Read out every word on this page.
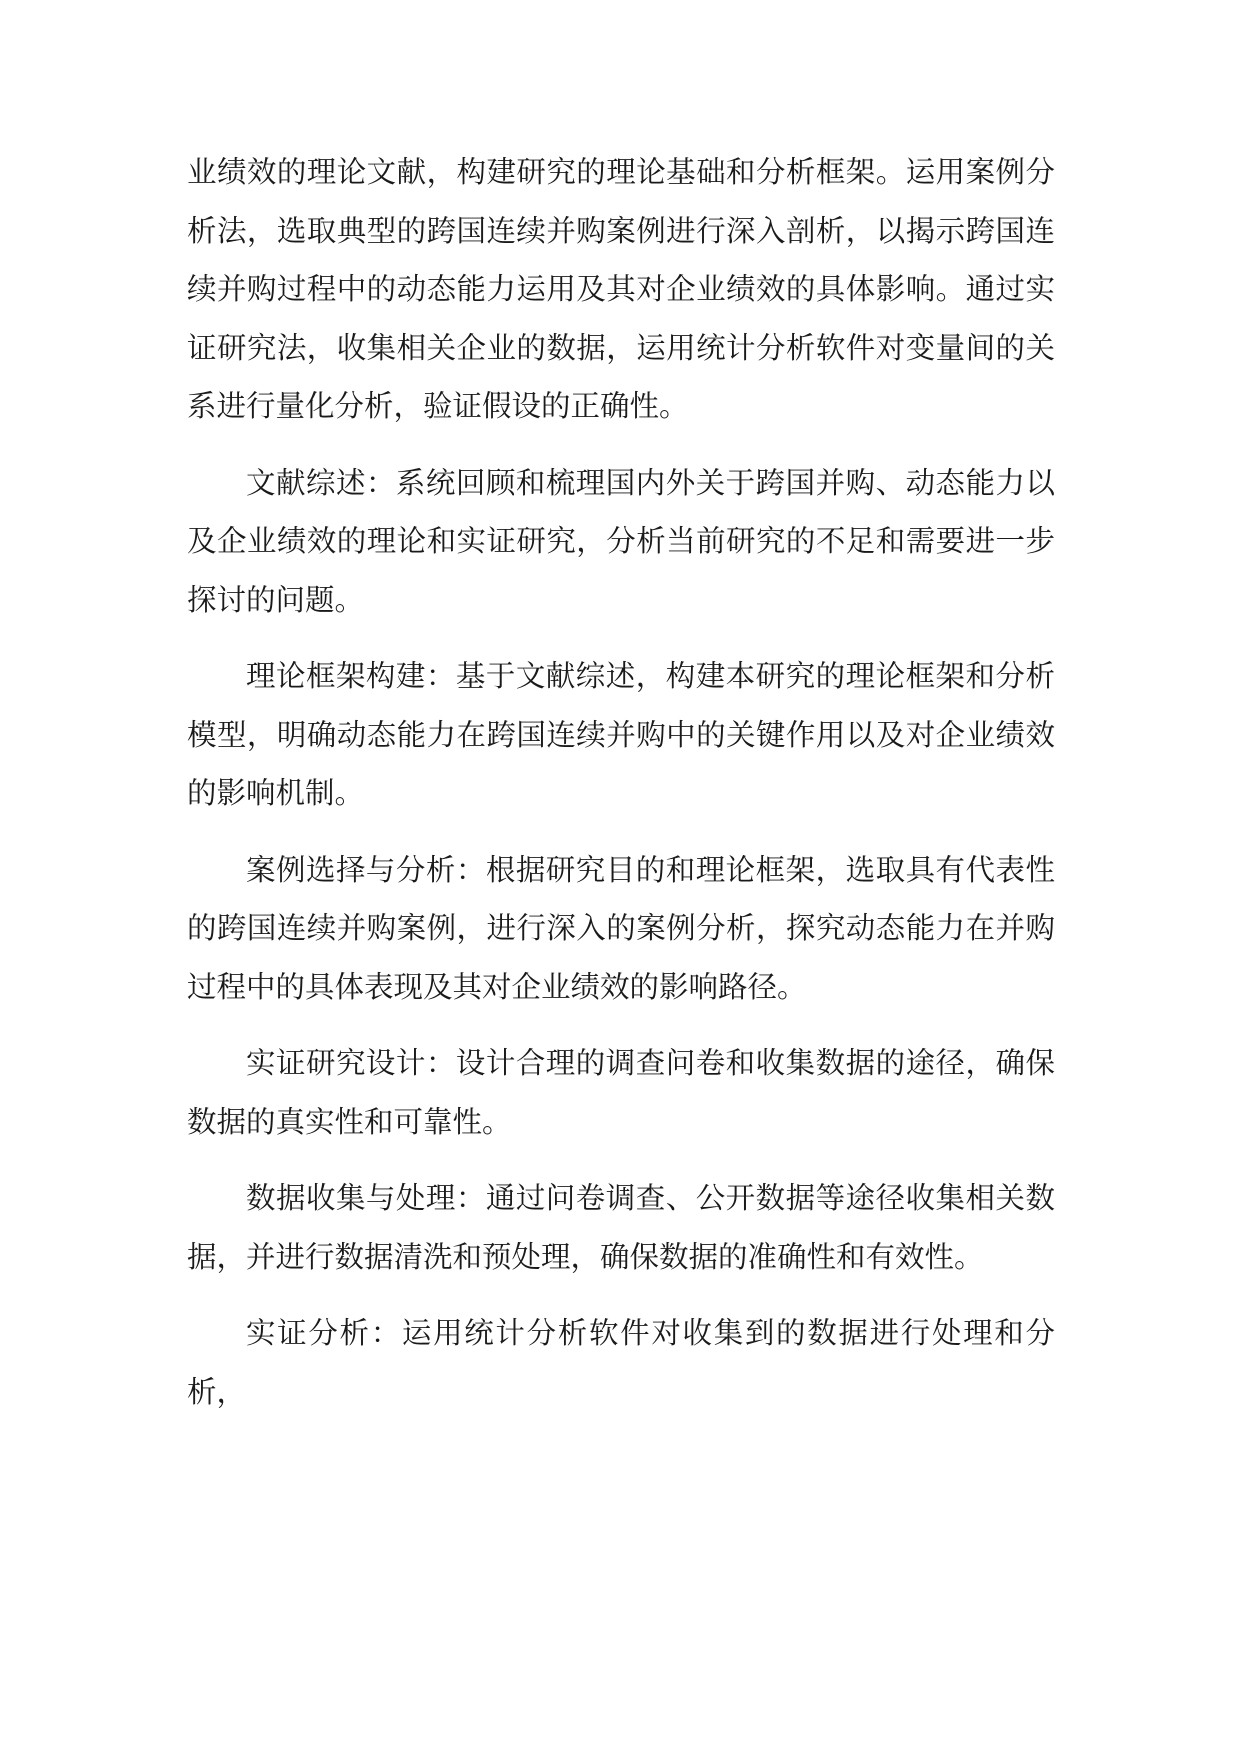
业绩效的理论文献，构建研究的理论基础和分析框架。运用案例分析法，选取典型的跨国连续并购案例进行深入剖析，以揭示跨国连续并购过程中的动态能力运用及其对企业绩效的具体影响。通过实证研究法，收集相关企业的数据，运用统计分析软件对变量间的关系进行量化分析，验证假设的正确性。

文献综述：系统回顾和梳理国内外关于跨国并购、动态能力以及企业绩效的理论和实证研究，分析当前研究的不足和需要进一步探讨的问题。

理论框架构建：基于文献综述，构建本研究的理论框架和分析模型，明确动态能力在跨国连续并购中的关键作用以及对企业绩效的影响机制。

案例选择与分析：根据研究目的和理论框架，选取具有代表性的跨国连续并购案例，进行深入的案例分析，探究动态能力在并购过程中的具体表现及其对企业绩效的影响路径。

实证研究设计：设计合理的调查问卷和收集数据的途径，确保数据的真实性和可靠性。

数据收集与处理：通过问卷调查、公开数据等途径收集相关数据，并进行数据清洗和预处理，确保数据的准确性和有效性。

实证分析：运用统计分析软件对收集到的数据进行处理和分析，
